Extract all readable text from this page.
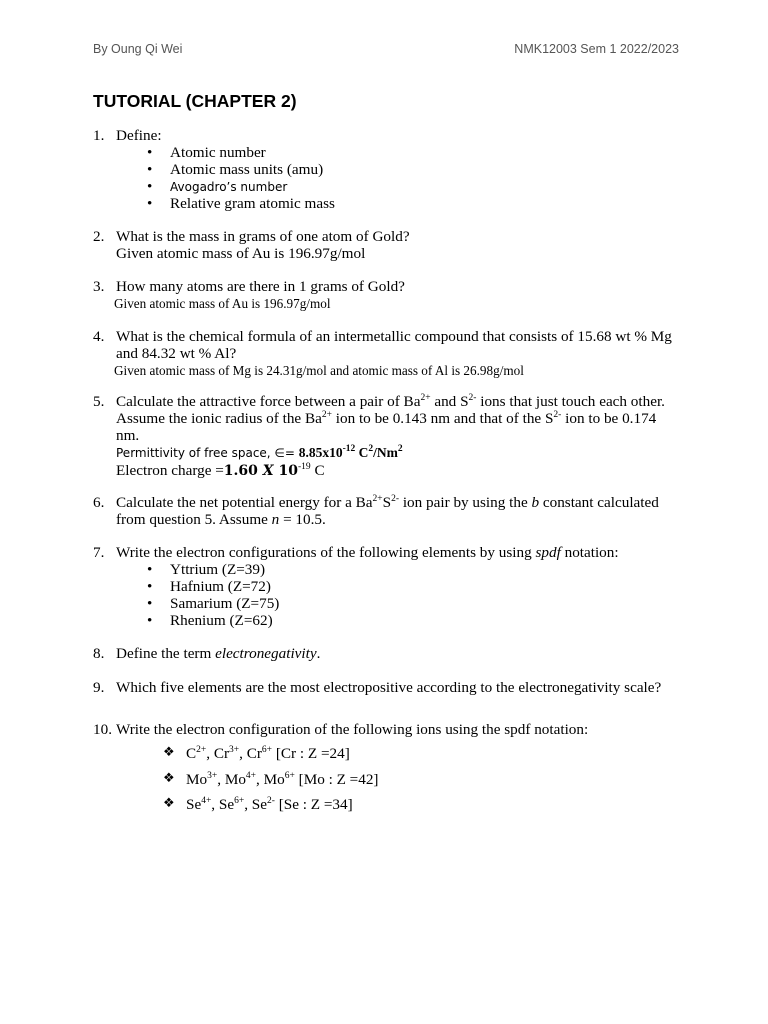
By Oung Qi Wei	NMK12003 Sem 1 2022/2023
TUTORIAL (CHAPTER 2)
1. Define:
• Atomic number
• Atomic mass units (amu)
• Avogadro’s number
• Relative gram atomic mass
2. What is the mass in grams of one atom of Gold?
Given atomic mass of Au is 196.97g/mol
3. How many atoms are there in 1 grams of Gold?
Given atomic mass of Au is 196.97g/mol
4. What is the chemical formula of an intermetallic compound that consists of 15.68 wt % Mg
and 84.32 wt % Al?
Given atomic mass of Mg is 24.31g/mol and atomic mass of Al is 26.98g/mol
5. Calculate the attractive force between a pair of $Ba^{2+}$ and $S^{2-}$ ions that just touch each other.
Assume the ionic radius of the $Ba^{2+}$ ion to be 0.143 nm and that of the $S^{2-}$ ion to be 0.174
nm.
Permittivity of free space, ∈= $8.85x10^{-12}$ $C^2/Nm^2$
Electron charge =1.60 X $10^{-19}$ C
6. Calculate the net potential energy for a $Ba^{2+}S^{2-}$ ion pair by using the b constant calculated
from question 5. Assume n = 10.5.
7. Write the electron configurations of the following elements by using spdf notation:
• Yttrium (Z=39)
• Hafnium (Z=72)
• Samarium (Z=75)
• Rhenium (Z=62)
8. Define the term electronegativity.
9. Which five elements are the most electropositive according to the electronegativity scale?
10. Write the electron configuration of the following ions using the spdf notation:
❖ $C^{2+}$, $Cr^{3+}$, $Cr^{6+}$ [Cr : Z =24]
❖ $Mo^{3+}$, $Mo^{4+}$, $Mo^{6+}$ [Mo : Z =42]
❖ $Se^{4+}$, $Se^{6+}$, $Se^{2-}$ [Se : Z =34]
